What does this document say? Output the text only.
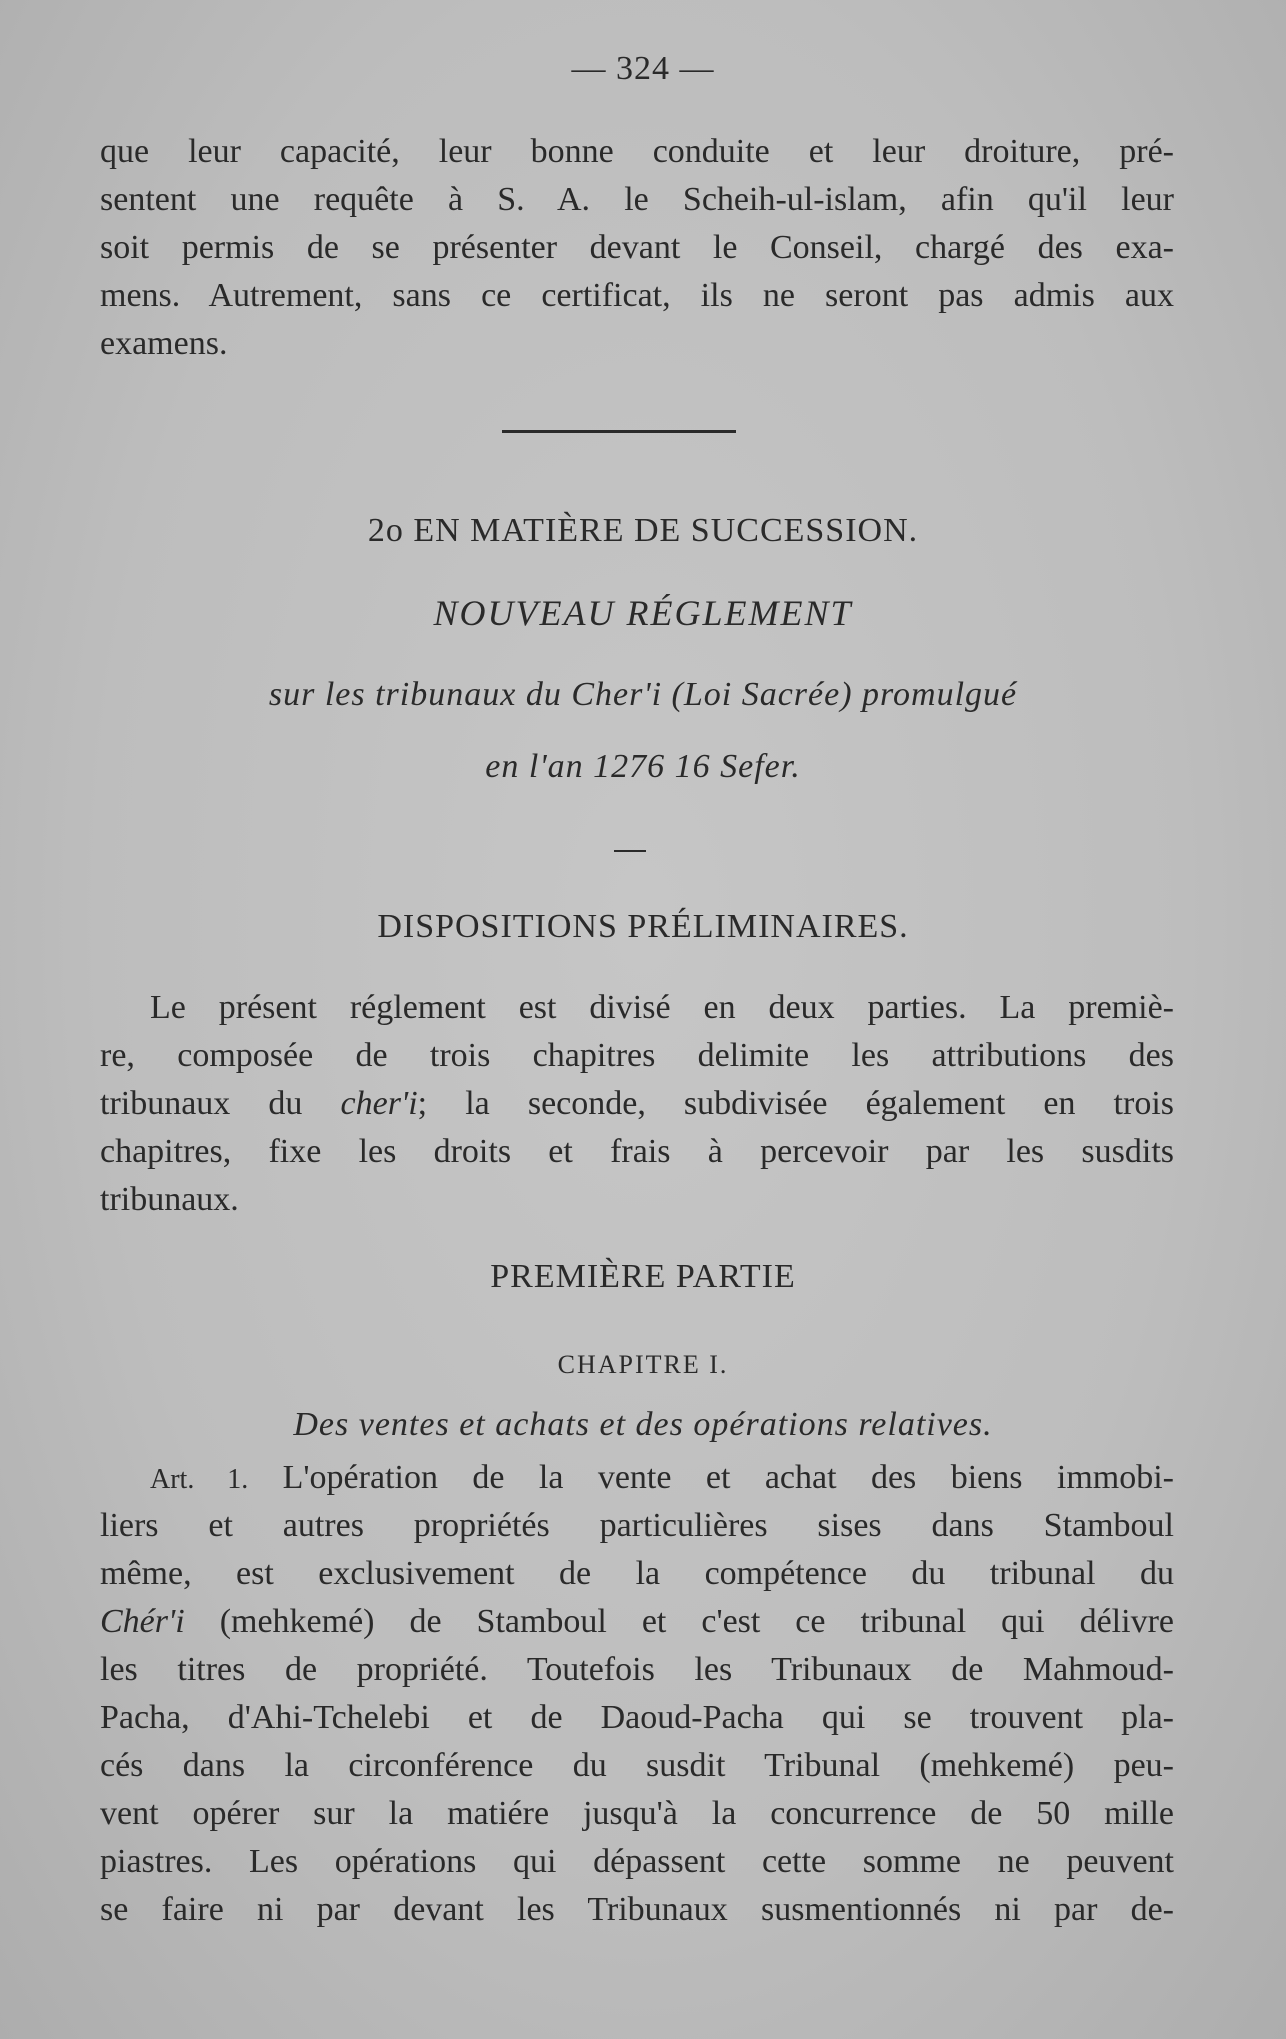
— 324 —
que leur capacité, leur bonne conduite et leur droiture, pré-
sentent une requête à S. A. le Scheih-ul-islam, afin qu'il leur
soit permis de se présenter devant le Conseil, chargé des exa-
mens. Autrement, sans ce certificat, ils ne seront pas admis aux
examens.
2o EN MATIÈRE DE SUCCESSION.
NOUVEAU RÉGLEMENT
sur les tribunaux du Cher'i (Loi Sacrée) promulgué
en l'an 1276 16 Sefer.
DISPOSITIONS PRÉLIMINAIRES.
Le présent réglement est divisé en deux parties. La premiè-
re, composée de trois chapitres delimite les attributions des
tribunaux du cher'i; la seconde, subdivisée également en trois
chapitres, fixe les droits et frais à percevoir par les susdits
tribunaux.
PREMIÈRE PARTIE
CHAPITRE I.
Des ventes et achats et des opérations relatives.
Art. 1. L'opération de la vente et achat des biens immobi-
liers et autres propriétés particulières sises dans Stamboul
même, est exclusivement de la compétence du tribunal du
Chér'i (mehkemé) de Stamboul et c'est ce tribunal qui délivre
les titres de propriété. Toutefois les Tribunaux de Mahmoud-
Pacha, d'Ahi-Tchelebi et de Daoud-Pacha qui se trouvent pla-
cés dans la circonférence du susdit Tribunal (mehkemé) peu-
vent opérer sur la matiére jusqu'à la concurrence de 50 mille
piastres. Les opérations qui dépassent cette somme ne peuvent
se faire ni par devant les Tribunaux susmentionnés ni par de-
